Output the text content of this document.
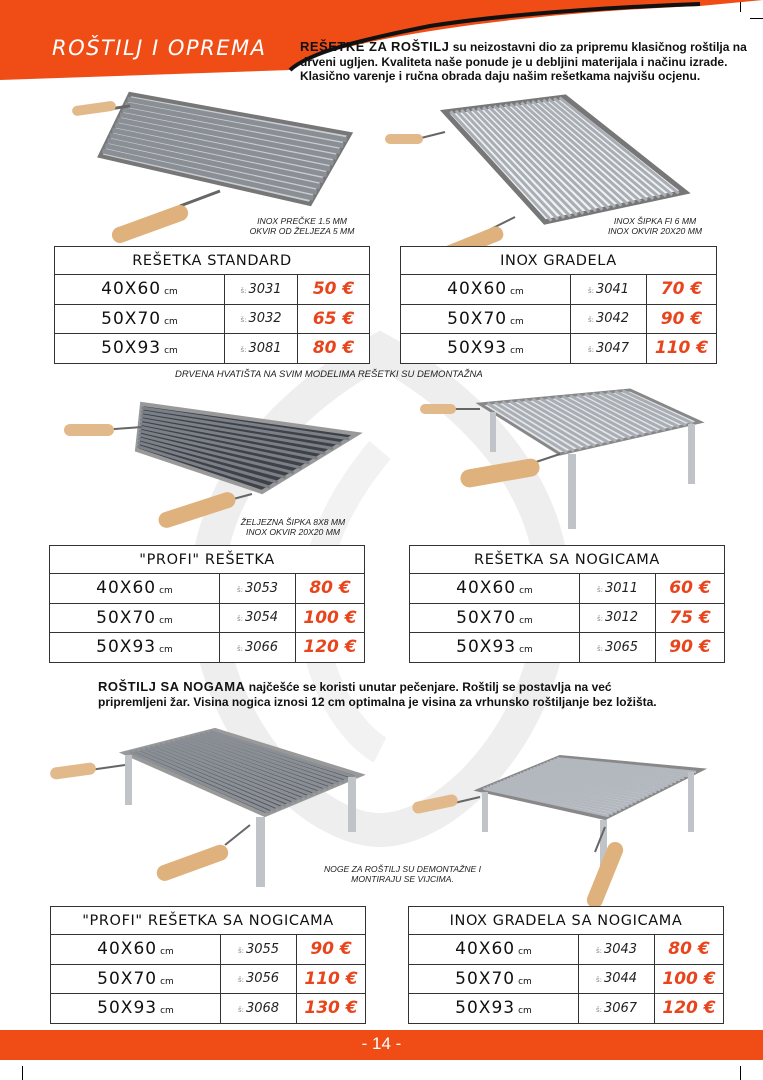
ROŠTILJ I OPREMA	REŠETKE ZA ROŠTILJ su neizostavni dio za pripremu klasičnog roštilja na
drveni ugljen. Kvaliteta naše ponude je u debljini materijala i načinu izrade.
Klasično varenje i ručna obrada daju našim rešetkama najvišu ocjenu.
INOX PREČKE 1.5 MM
OKVIR OD ŽELJEZA 5 MM
INOX ŠIPKA FI 6 MM
INOX OKVIR 20X20 MM
REŠETKA STANDARD		
40X60 cm	š: 3031	50 €
50X70 cm	š: 3032	65 €
50X93 cm	š: 3081	80 €
INOX GRADELA		
40X60 cm	š: 3041	70 €
50X70 cm	š: 3042	90 €
50X93 cm	š: 3047	110 €
DRVENA HVATIŠTA NA SVIM MODELIMA REŠETKI SU DEMONTAŽNA
ŽELJEZNA ŠIPKA 8X8 MM
INOX OKVIR 20X20 MM
"PROFI" REŠETKA		
40X60 cm	š: 3053	80 €
50X70 cm	š: 3054	100 €
50X93 cm	š: 3066	120 €
REŠETKA SA NOGICAMA		
40X60 cm	š: 3011	60 €
50X70 cm	š: 3012	75 €
50X93 cm	š: 3065	90 €
ROŠTILJ SA NOGAMA najčešće se koristi unutar pečenjare. Roštilj se postavlja na već
pripremljeni žar. Visina nogica iznosi 12 cm optimalna je visina za vrhunsko roštiljanje bez ložišta.
NOGE ZA ROŠTILJ SU DEMONTAŽNE I
MONTIRAJU SE VIJCIMA.
"PROFI" REŠETKA SA NOGICAMA		
40X60 cm	š: 3055	90 €
50X70 cm	š: 3056	110 €
50X93 cm	š: 3068	130 €
INOX GRADELA SA NOGICAMA		
40X60 cm	š: 3043	80 €
50X70 cm	š: 3044	100 €
50X93 cm	š: 3067	120 €
- 14 -
